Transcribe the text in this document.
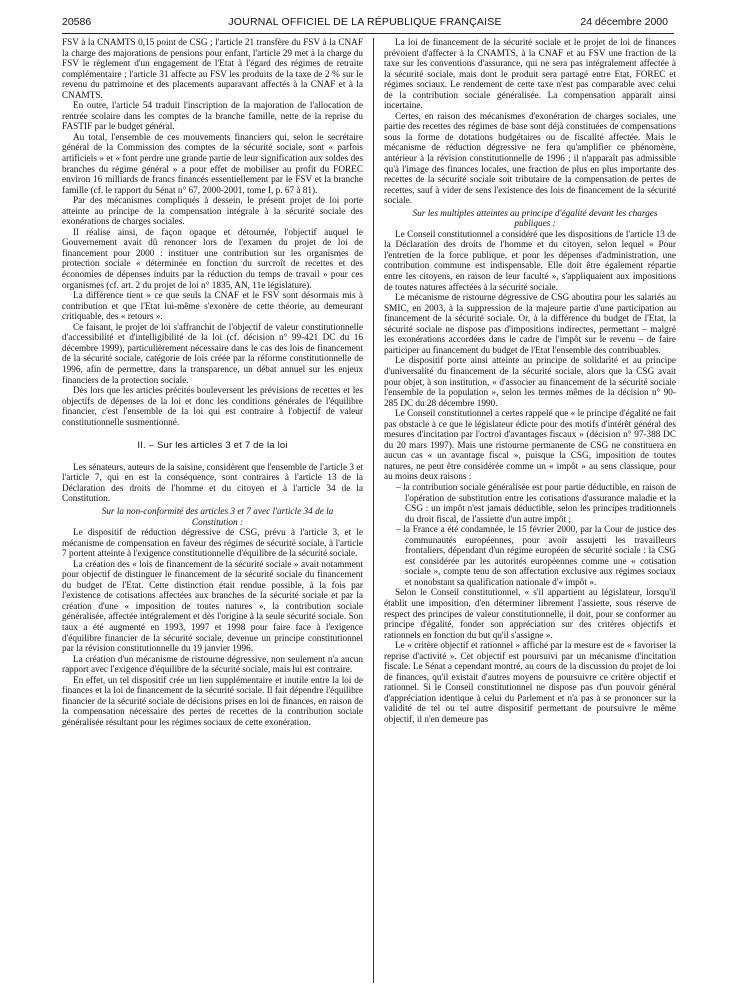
20586	JOURNAL OFFICIEL DE LA RÉPUBLIQUE FRANÇAISE	24 décembre 2000

FSV à la CNAMTS 0,15 point de CSG ; l'article 21 transfère du FSV à la CNAF la charge des majorations de pensions pour enfant, l'article 29 met à la charge du FSV le règlement d'un engagement de l'Etat à l'égard des régimes de retraite complémentaire ; l'article 31 affecte au FSV les produits de la taxe de 2 % sur le revenu du patrimoine et des placements auparavant affectés à la CNAF et à la CNAMTS.

En outre, l'article 54 traduit l'inscription de la majoration de l'allocation de rentrée scolaire dans les comptes de la branche famille, nette de la reprise du FASTIF par le budget général.

Au total, l'ensemble de ces mouvements financiers qui, selon le secrétaire général de la Commission des comptes de la sécurité sociale, sont « parfois artificiels » et « font perdre une grande partie de leur signification aux soldes des branches du régime général » a pour effet de mobiliser au profit du FOREC environ 16 milliards de francs financés essentiellement par le FSV et la branche famille (cf. le rapport du Sénat n° 67, 2000-2001, tome I, p. 67 à 81).

Par des mécanismes compliqués à dessein, le présent projet de loi porte atteinte au principe de la compensation intégrale à la sécurité sociale des exonérations de charges sociales.

Il réalise ainsi, de façon opaque et détournée, l'objectif auquel le Gouvernement avait dû renoncer lors de l'examen du projet de loi de financement pour 2000 : instituer une contribution sur les organismes de protection sociale « déterminée en fonction du surcroît de recettes et des économies de dépenses induits par la réduction du temps de travail » pour ces organismes (cf. art. 2 du projet de loi n° 1835, AN, 11e législature).

La différence tient » ce que seuls la CNAF et le FSV sont désormais mis à contribution et que l'Etat lui-même s'exonère de cette théorie, au demeurant critiquable, des « retours ».

Ce faisant, le projet de loi s'affranchit de l'objectif de valeur constitutionnelle d'accessibilité et d'intelligibilité de la loi (cf. décision n° 99-421 DC du 16 décembre 1999), particulièrement nécessaire dans le cas des lois de financement de la sécurité sociale, catégorie de lois créée par la réforme constitutionnelle de 1996, afin de permettre, dans la transparence, un débat annuel sur les enjeux financiers de la protection sociale.

Dès lors que les articles précités bouleversent les prévisions de recettes et les objectifs de dépenses de la loi et donc les conditions générales de l'équilibre financier, c'est l'ensemble de la loi qui est contraire à l'objectif de valeur constitutionnelle susmentionné.

II. – Sur les articles 3 et 7 de la loi

Les sénateurs, auteurs de la saisine, considèrent que l'ensemble de l'article 3 et l'article 7, qui en est la conséquence, sont contraires à l'article 13 de la Déclaration des droits de l'homme et du citoyen et à l'article 34 de la Constitution.

Sur la non-conformité des articles 3 et 7 avec l'article 34 de la Constitution :

Le dispositif de réduction dégressive de CSG, prévu à l'article 3, et le mécanisme de compensation en faveur des régimes de sécurité sociale, à l'article 7 portent atteinte à l'exigence constitutionnelle d'équilibre de la sécurité sociale.

La création des « lois de financement de la sécurité sociale » avait notamment pour objectif de distinguer le financement de la sécurité sociale du financement du budget de l'Etat. Cette distinction était rendue possible, à la fois par l'existence de cotisations affectées aux branches de la sécurité sociale et par la création d'une « imposition de toutes natures », la contribution sociale généralisée, affectée intégralement et dès l'origine à la seule sécurité sociale. Son taux a été augmenté en 1993, 1997 et 1998 pour faire face à l'exigence d'équilibre financier de la sécurité sociale, devenue un principe constitutionnel par la révision constitutionnelle du 19 janvier 1996.

La création d'un mécanisme de ristourne dégressive, non seulement n'a aucun rapport avec l'exigence d'équilibre de la sécurité sociale, mais lui est contraire.

En effet, un tel dispositif crée un lien supplémentaire et inutile entre la loi de finances et la loi de financement de la sécurité sociale. Il fait dépendre l'équilibre financier de la sécurité sociale de décisions prises en loi de finances, en raison de la compensation nécessaire des pertes de recettes de la contribution sociale généralisée résultant pour les régimes sociaux de cette exonération.

La loi de financement de la sécurité sociale et le projet de loi de finances prévoient d'affecter à la CNAMTS, à la CNAF et au FSV une fraction de la taxe sur les conventions d'assurance, qui ne sera pas intégralement affectée à la sécurité sociale, mais dont le produit sera partagé entre Etat, FOREC et régimes sociaux. Le rendement de cette taxe n'est pas comparable avec celui de la contribution sociale généralisée. La compensation apparaît ainsi incertaine.

Certes, en raison des mécanismes d'exonération de charges sociales, une partie des recettes des régimes de base sont déjà constituées de compensations sous la forme de dotations budgétaires ou de fiscalité affectée. Mais le mécanisme de réduction dégressive ne fera qu'amplifier ce phénomène, antérieur à la révision constitutionnelle de 1996 ; il n'apparaît pas admissible qu'à l'image des finances locales, une fraction de plus en plus importante des recettes de la sécurité sociale soit tributaire de la compensation de pertes de recettes, sauf à vider de sens l'existence des lois de financement de la sécurité sociale.

Sur les multiples atteintes au principe d'égalité devant les charges publiques :

Le Conseil constitutionnel a considéré que les dispositions de l'article 13 de la Déclaration des droits de l'homme et du citoyen, selon lequel « Pour l'entretien de la force publique, et pour les dépenses d'administration, une contribution commune est indispensable. Elle doit être également répartie entre les citoyens, en raison de leur faculté », s'appliquaient aux impositions de toutes natures affectées à la sécurité sociale.

Le mécanisme de ristourne dégressive de CSG aboutira pour les salariés au SMIC, en 2003, à la suppression de la majeure partie d'une participation au financement de la sécurité sociale. Or, à la différence du budget de l'Etat, la sécurité sociale ne dispose pas d'impositions indirectes, permettant – malgré les exonérations accordées dans le cadre de l'impôt sur le revenu – de faire participer au financement du budget de l'Etat l'ensemble des contribuables.

Le dispositif porte ainsi atteinte au principe de solidarité et au principe d'universalité du financement de la sécurité sociale, alors que la CSG avait pour objet, à son institution, « d'associer au financement de la sécurité sociale l'ensemble de la population », selon les termes mêmes de la décision n° 90-285 DC du 28 décembre 1990.

Le Conseil constitutionnel a certes rappelé que « le principe d'égalité ne fait pas obstacle à ce que le législateur édicte pour des motifs d'intérêt général des mesures d'incitation par l'octroi d'avantages fiscaux » (décision n° 97-388 DC du 20 mars 1997). Mais une ristourne permanente de CSG ne constituera en aucun cas « un avantage fiscal », puisque la CSG, imposition de toutes natures, ne peut être considérée comme un « impôt » au sens classique, pour au moins deux raisons :

– la contribution sociale généralisée est pour partie déductible, en raison de l'opération de substitution entre les cotisations d'assurance maladie et la CSG : un impôt n'est jamais déductible, selon les principes traditionnels du droit fiscal, de l'assiette d'un autre impôt ;
– la France a été condamnée, le 15 février 2000, par la Cour de justice des communautés européennes, pour avoir assujetti les travailleurs frontaliers, dépendant d'un régime européen de sécurité sociale : la CSG est considérée par les autorités européennes comme une « cotisation sociale », compte tenu de son affectation exclusive aux régimes sociaux et nonobstant sa qualification nationale d'« impôt ».

Selon le Conseil constitutionnel, « s'il appartient au législateur, lorsqu'il établit une imposition, d'en déterminer librement l'assiette, sous réserve de respect des principes de valeur constitutionnelle, il doit, pour se conformer au principe d'égalité, fonder son appréciation sur des critères objectifs et rationnels en fonction du but qu'il s'assigne ».

Le « critère objectif et rationnel » affiché par la mesure est de « favoriser la reprise d'activité ». Cet objectif est poursuivi par un mécanisme d'incitation fiscale. Le Sénat a cependant montré, au cours de la discussion du projet de loi de finances, qu'il existait d'autres moyens de poursuivre ce critère objectif et rationnel. Si le Conseil constitutionnel ne dispose pas d'un pouvoir général d'appréciation identique à celui du Parlement et n'a pas à se prononcer sur la validité de tel ou tel autre dispositif permettant de poursuivre le même objectif, il n'en demeure pas
